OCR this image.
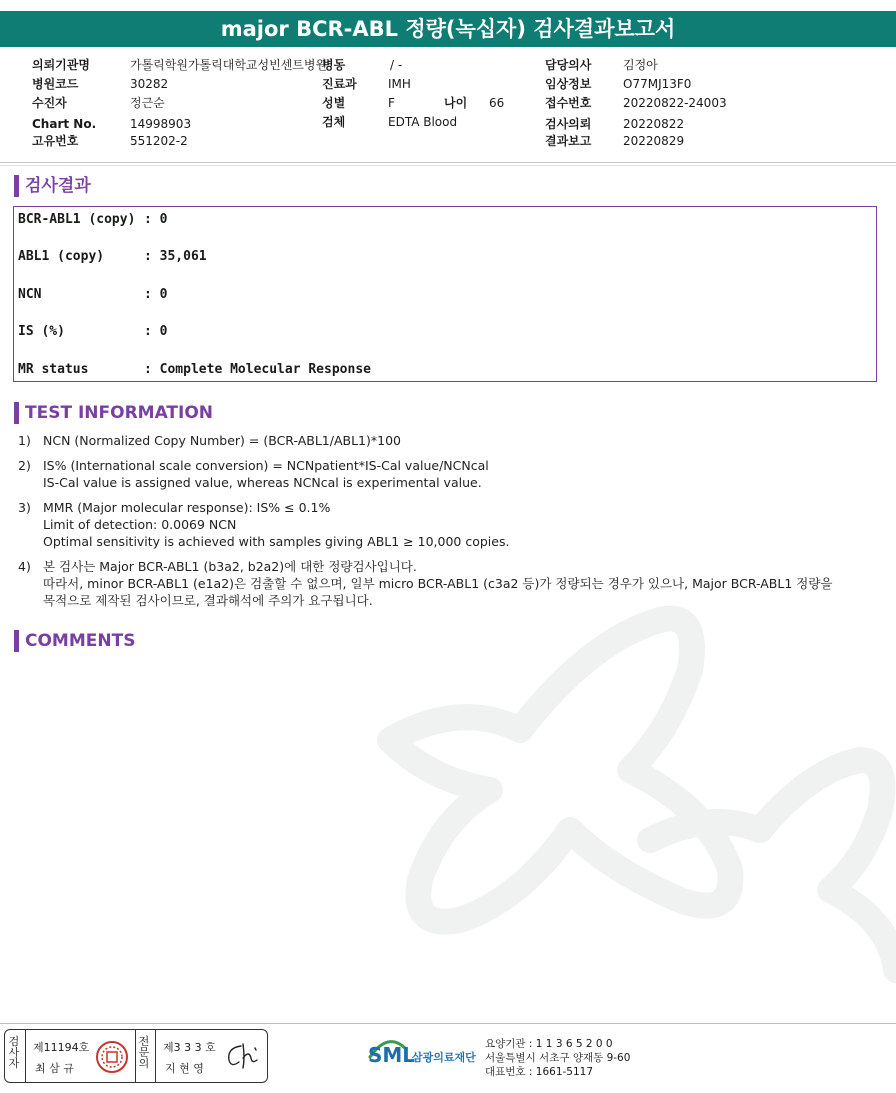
major BCR-ABL 정량(녹십자) 검사결과보고서
의뢰기관명	가톨릭학원가톨릭대학교성빈센트병원
병원코드	30282
수진자	정근순
Chart No.	14998903
고유번호	551202-2
병동	/ -
진료과	IMH
성별	F	나이 66
검체	EDTA Blood
담당의사	김정아
임상정보	O77MJ13F0
접수번호	20220822-24003
검사의뢰	20220822
결과보고	20220829
검사결과
BCR-ABL1 (copy) : 0
ABL1 (copy)	: 35,061
NCN	: 0
IS (%)	: 0
MR status	: Complete Molecular Response
TEST INFORMATION
1) NCN (Normalized Copy Number) = (BCR-ABL1/ABL1)*100
2) IS% (International scale conversion) = NCNpatient*IS-Cal value/NCNcal
IS-Cal value is assigned value, whereas NCNcal is experimental value.
3) MMR (Major molecular response): IS% ≤ 0.1%
Limit of detection: 0.0069 NCN
Optimal sensitivity is achieved with samples giving ABL1 ≥ 10,000 copies.
4) 본 검사는 Major BCR-ABL1 (b3a2, b2a2)에 대한 정량검사입니다.
따라서, minor BCR-ABL1 (e1a2)은 검출할 수 없으며, 일부 micro BCR-ABL1 (c3a2 등)가 정량되는 경우가 있으나, Major BCR-ABL1 정량을
목적으로 제작된 검사이므로, 결과해석에 주의가 요구됩니다.
COMMENTS
검사자
제11194호
최 삼 규
전문의
제3 3 3 호
지 현 영
SML
삼광의료재단
요양기관 : 1 1 3 6 5 2 0 0
서울특별시 서초구 양재동 9-60
대표번호 : 1661-5117
